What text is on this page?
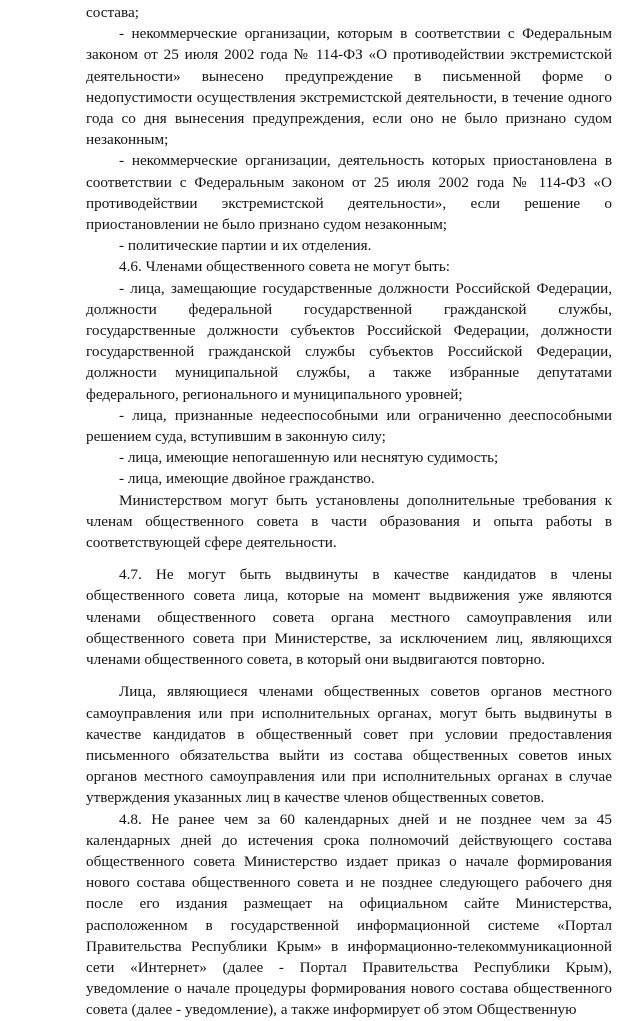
состава;

- некоммерческие организации, которым в соответствии с Федеральным законом от 25 июля 2002 года № 114-ФЗ «О противодействии экстремистской деятельности» вынесено предупреждение в письменной форме о недопустимости осуществления экстремистской деятельности, в течение одного года со дня вынесения предупреждения, если оно не было признано судом незаконным;

- некоммерческие организации, деятельность которых приостановлена в соответствии с Федеральным законом от 25 июля 2002 года № 114-ФЗ «О противодействии экстремистской деятельности», если решение о приостановлении не было признано судом незаконным;

- политические партии и их отделения.

4.6. Членами общественного совета не могут быть:

- лица, замещающие государственные должности Российской Федерации, должности федеральной государственной гражданской службы, государственные должности субъектов Российской Федерации, должности государственной гражданской службы субъектов Российской Федерации, должности муниципальной службы, а также избранные депутатами федерального, регионального и муниципального уровней;

- лица, признанные недееспособными или ограниченно дееспособными решением суда, вступившим в законную силу;

- лица, имеющие непогашенную или неснятую судимость;

- лица, имеющие двойное гражданство.

Министерством могут быть установлены дополнительные требования к членам общественного совета в части образования и опыта работы в соответствующей сфере деятельности.

4.7. Не могут быть выдвинуты в качестве кандидатов в члены общественного совета лица, которые на момент выдвижения уже являются членами общественного совета органа местного самоуправления или общественного совета при Министерстве, за исключением лиц, являющихся членами общественного совета, в который они выдвигаются повторно.

Лица, являющиеся членами общественных советов органов местного самоуправления или при исполнительных органах, могут быть выдвинуты в качестве кандидатов в общественный совет при условии предоставления письменного обязательства выйти из состава общественных советов иных органов местного самоуправления или при исполнительных органах в случае утверждения указанных лиц в качестве членов общественных советов.

4.8. Не ранее чем за 60 календарных дней и не позднее чем за 45 календарных дней до истечения срока полномочий действующего состава общественного совета Министерство издает приказ о начале формирования нового состава общественного совета и не позднее следующего рабочего дня после его издания размещает на официальном сайте Министерства, расположенном в государственной информационной системе «Портал Правительства Республики Крым» в информационно-телекоммуникационной сети «Интернет» (далее - Портал Правительства Республики Крым), уведомление о начале процедуры формирования нового состава общественного совета (далее - уведомление), а также информирует об этом Общественную
